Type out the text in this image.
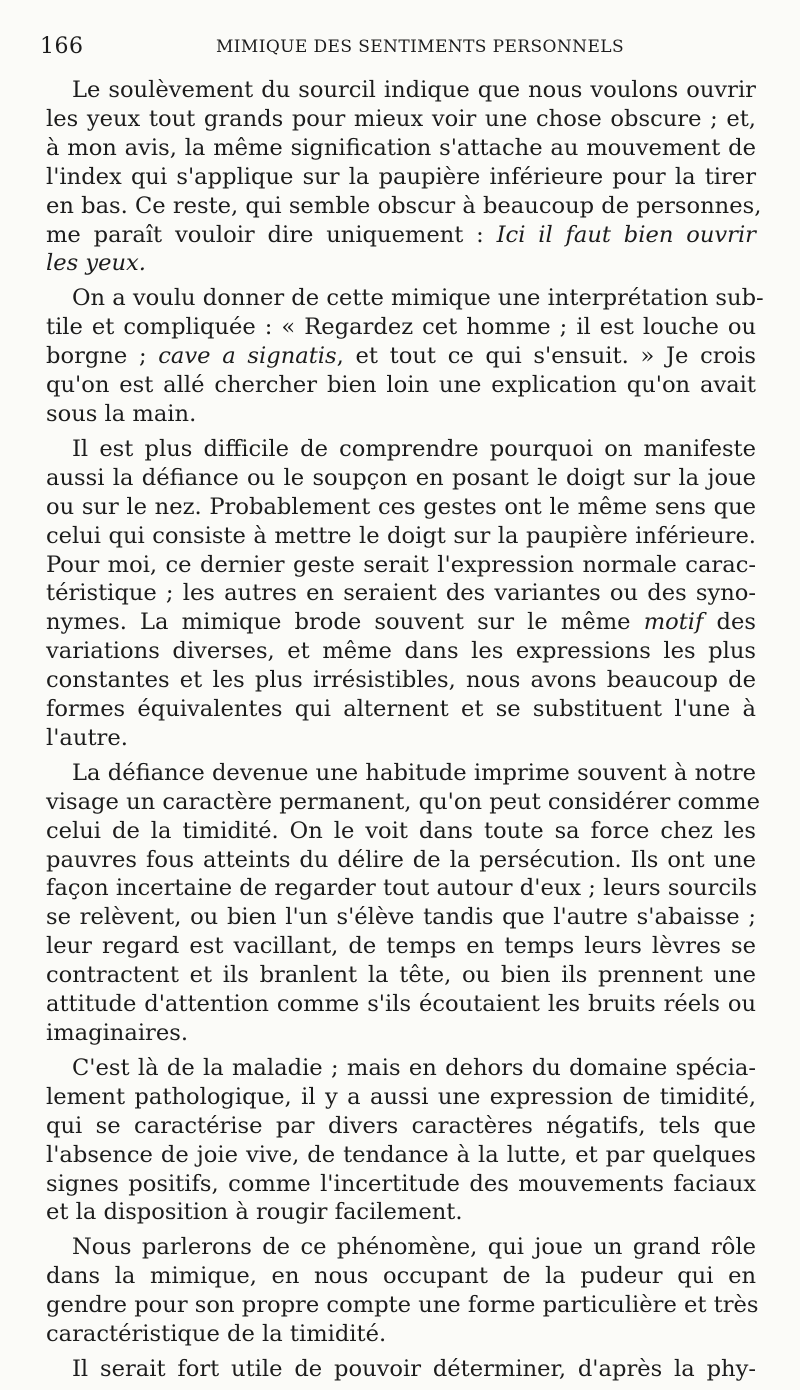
166	MIMIQUE DES SENTIMENTS PERSONNELS
Le soulèvement du sourcil indique que nous voulons ouvrir
les yeux tout grands pour mieux voir une chose obscure ; et,
à mon avis, la même signification s'attache au mouvement de
l'index qui s'applique sur la paupière inférieure pour la tirer
en bas. Ce reste, qui semble obscur à beaucoup de personnes,
me paraît vouloir dire uniquement : Ici il faut bien ouvrir
les yeux.
On a voulu donner de cette mimique une interprétation sub-
tile et compliquée : « Regardez cet homme ; il est louche ou
borgne ; cave a signatis, et tout ce qui s'ensuit. » Je crois
qu'on est allé chercher bien loin une explication qu'on avait
sous la main.
Il est plus difficile de comprendre pourquoi on manifeste
aussi la défiance ou le soupçon en posant le doigt sur la joue
ou sur le nez. Probablement ces gestes ont le même sens que
celui qui consiste à mettre le doigt sur la paupière inférieure.
Pour moi, ce dernier geste serait l'expression normale carac-
téristique ; les autres en seraient des variantes ou des syno-
nymes. La mimique brode souvent sur le même motif des
variations diverses, et même dans les expressions les plus
constantes et les plus irrésistibles, nous avons beaucoup de
formes équivalentes qui alternent et se substituent l'une à
l'autre.
La défiance devenue une habitude imprime souvent à notre
visage un caractère permanent, qu'on peut considérer comme
celui de la timidité. On le voit dans toute sa force chez les
pauvres fous atteints du délire de la persécution. Ils ont une
façon incertaine de regarder tout autour d'eux ; leurs sourcils
se relèvent, ou bien l'un s'élève tandis que l'autre s'abaisse ;
leur regard est vacillant, de temps en temps leurs lèvres se
contractent et ils branlent la tête, ou bien ils prennent une
attitude d'attention comme s'ils écoutaient les bruits réels ou
imaginaires.
C'est là de la maladie ; mais en dehors du domaine spécia-
lement pathologique, il y a aussi une expression de timidité,
qui se caractérise par divers caractères négatifs, tels que
l'absence de joie vive, de tendance à la lutte, et par quelques
signes positifs, comme l'incertitude des mouvements faciaux
et la disposition à rougir facilement.
Nous parlerons de ce phénomène, qui joue un grand rôle
dans la mimique, en nous occupant de la pudeur qui en
gendre pour son propre compte une forme particulière et très
caractéristique de la timidité.
Il serait fort utile de pouvoir déterminer, d'après la phy-
